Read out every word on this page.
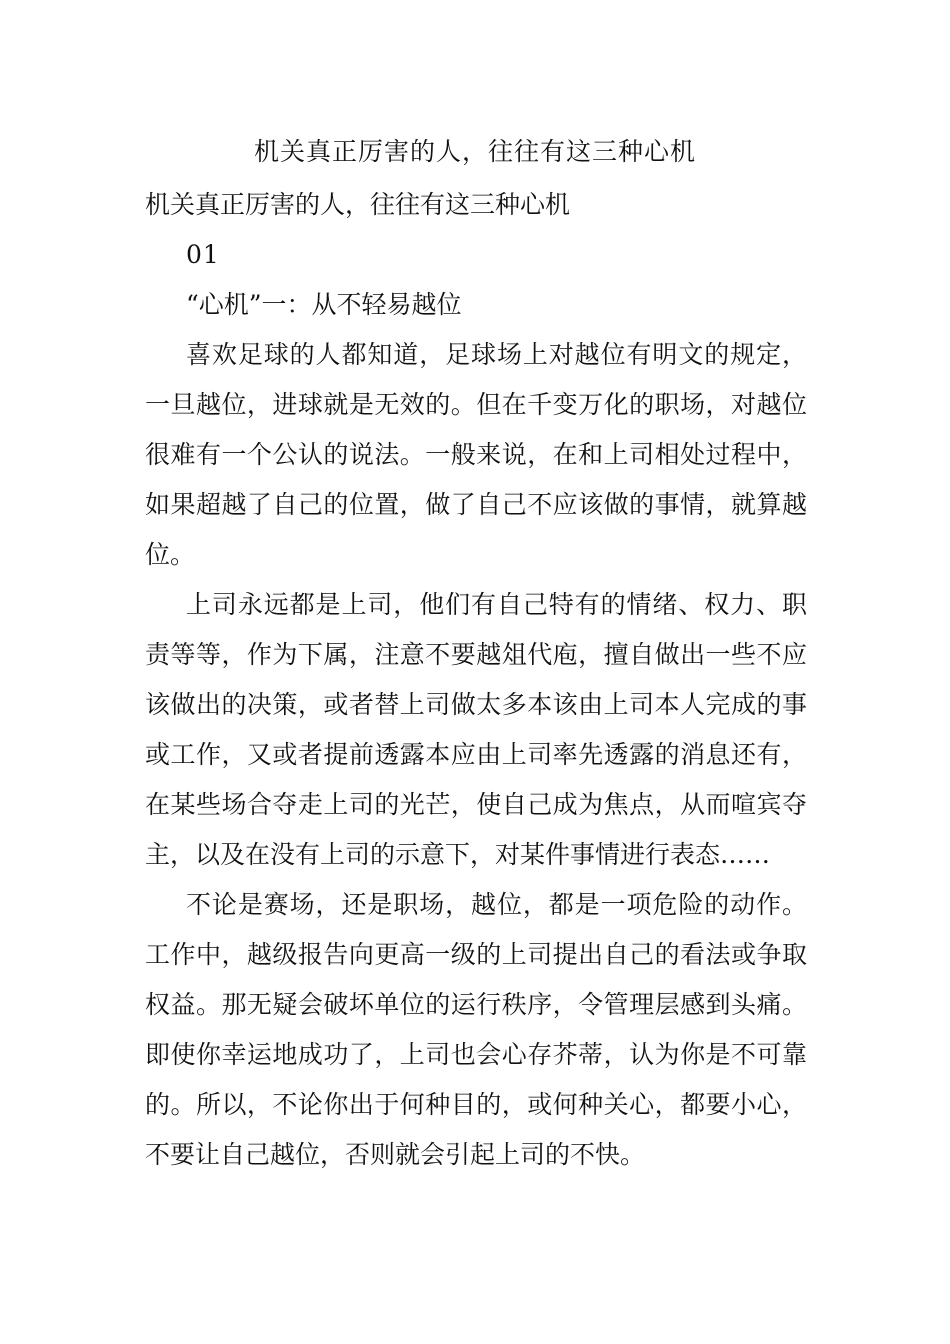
机关真正厉害的人，往往有这三种心机

机关真正厉害的人，往往有这三种心机

01

“心机”一：从不轻易越位

喜欢足球的人都知道，足球场上对越位有明文的规定，一旦越位，进球就是无效的。但在千变万化的职场，对越位很难有一个公认的说法。一般来说，在和上司相处过程中，如果超越了自己的位置，做了自己不应该做的事情，就算越位。

上司永远都是上司，他们有自己特有的情绪、权力、职责等等，作为下属，注意不要越俎代庖，擅自做出一些不应该做出的决策，或者替上司做太多本该由上司本人完成的事或工作，又或者提前透露本应由上司率先透露的消息还有，在某些场合夺走上司的光芒，使自己成为焦点，从而喧宾夺主，以及在没有上司的示意下，对某件事情进行表态……

不论是赛场，还是职场，越位，都是一项危险的动作。工作中，越级报告向更高一级的上司提出自己的看法或争取权益。那无疑会破坏单位的运行秩序，令管理层感到头痛。即使你幸运地成功了，上司也会心存芥蒂，认为你是不可靠的。所以，不论你出于何种目的，或何种关心，都要小心，不要让自己越位，否则就会引起上司的不快。
